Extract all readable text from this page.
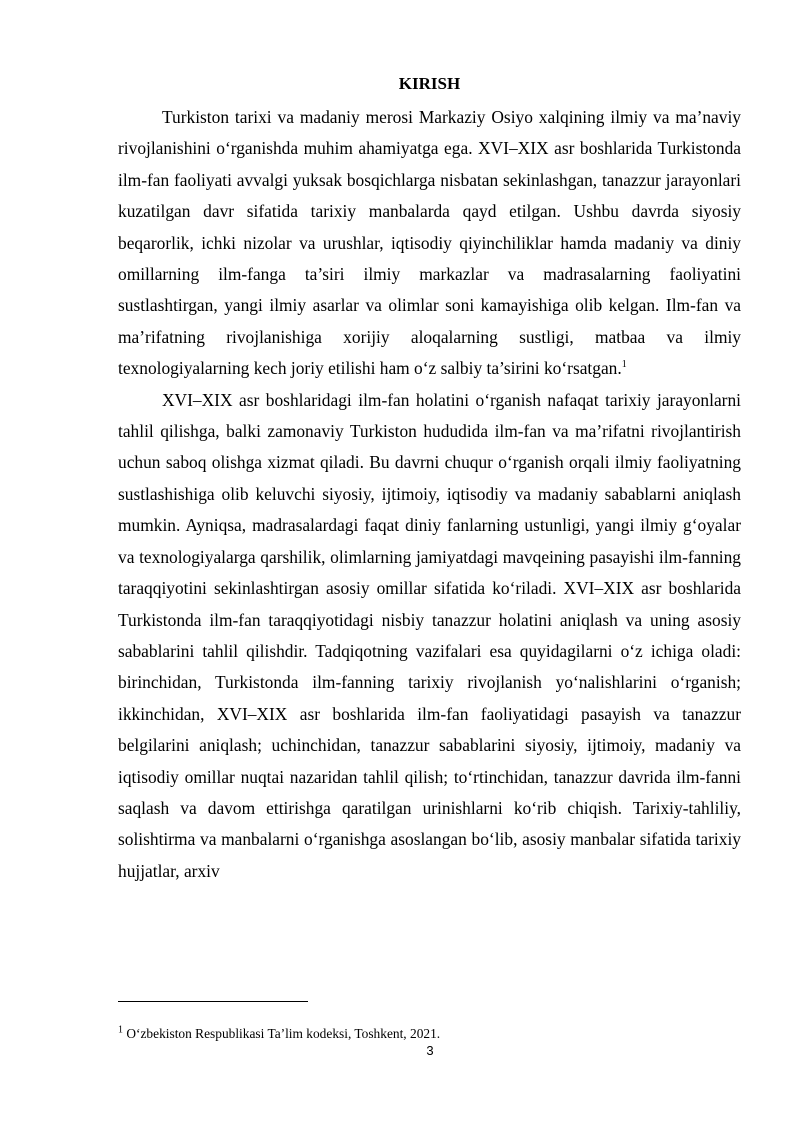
KIRISH

Turkiston tarixi va madaniy merosi Markaziy Osiyo xalqining ilmiy va ma’naviy rivojlanishini o‘rganishda muhim ahamiyatga ega. XVI–XIX asr boshlarida Turkistonda ilm-fan faoliyati avvalgi yuksak bosqichlarga nisbatan sekinlashgan, tanazzur jarayonlari kuzatilgan davr sifatida tarixiy manbalarda qayd etilgan. Ushbu davrda siyosiy beqarorlik, ichki nizolar va urushlar, iqtisodiy qiyinchiliklar hamda madaniy va diniy omillarning ilm-fanga ta’siri ilmiy markazlar va madrasalarning faoliyatini sustlashtirgan, yangi ilmiy asarlar va olimlar soni kamayishiga olib kelgan. Ilm-fan va ma’rifatning rivojlanishiga xorijiy aloqalarning sustligi, matbaa va ilmiy texnologiyalarning kech joriy etilishi ham o‘z salbiy ta’sirini ko‘rsatgan.$^1$

XVI–XIX asr boshlaridagi ilm-fan holatini o‘rganish nafaqat tarixiy jarayonlarni tahlil qilishga, balki zamonaviy Turkiston hududida ilm-fan va ma’rifatni rivojlantirish uchun saboq olishga xizmat qiladi. Bu davrni chuqur o‘rganish orqali ilmiy faoliyatning sustlashishiga olib keluvchi siyosiy, ijtimoiy, iqtisodiy va madaniy sabablarni aniqlash mumkin. Ayniqsa, madrasalardagi faqat diniy fanlarning ustunligi, yangi ilmiy g‘oyalar va texnologiyalarga qarshilik, olimlarning jamiyatdagi mavqeining pasayishi ilm-fanning taraqqiyotini sekinlashtirgan asosiy omillar sifatida ko‘riladi. XVI–XIX asr boshlarida Turkistonda ilm-fan taraqqiyotidagi nisbiy tanazzur holatini aniqlash va uning asosiy sabablarini tahlil qilishdir. Tadqiqotning vazifalari esa quyidagilarni o‘z ichiga oladi: birinchidan, Turkistonda ilm-fanning tarixiy rivojlanish yo‘nalishlarini o‘rganish; ikkinchidan, XVI–XIX asr boshlarida ilm-fan faoliyatidagi pasayish va tanazzur belgilarini aniqlash; uchinchidan, tanazzur sabablarini siyosiy, ijtimoiy, madaniy va iqtisodiy omillar nuqtai nazaridan tahlil qilish; to‘rtinchidan, tanazzur davrida ilm-fanni saqlash va davom ettirishga qaratilgan urinishlarni ko‘rib chiqish. Tarixiy-tahliliy, solishtirma va manbalarni o‘rganishga asoslangan bo‘lib, asosiy manbalar sifatida tarixiy hujjatlar, arxiv

$^1$ O‘zbekiston Respublikasi Ta’lim kodeksi, Toshkent, 2021.
3
